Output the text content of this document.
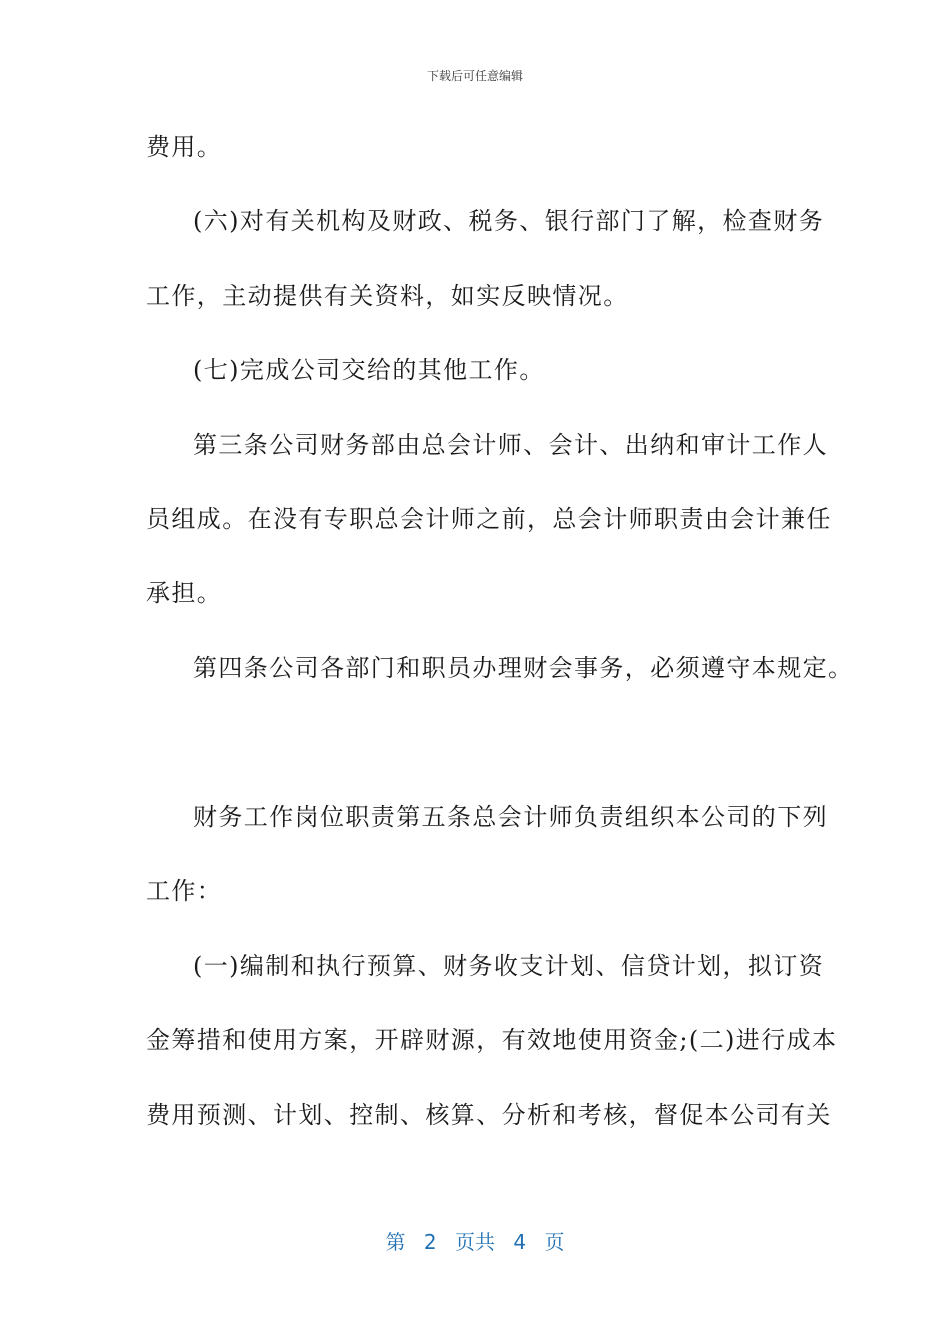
下载后可任意编辑
费用。
(六)对有关机构及财政、税务、银行部门了解，检查财务
工作，主动提供有关资料，如实反映情况。
(七)完成公司交给的其他工作。
第三条公司财务部由总会计师、会计、出纳和审计工作人
员组成。在没有专职总会计师之前，总会计师职责由会计兼任
承担。
第四条公司各部门和职员办理财会事务，必须遵守本规定。
财务工作岗位职责第五条总会计师负责组织本公司的下列
工作：
(一)编制和执行预算、财务收支计划、信贷计划，拟订资
金筹措和使用方案，开辟财源，有效地使用资金;(二)进行成本
费用预测、计划、控制、核算、分析和考核，督促本公司有关
第 2 页共 4 页
